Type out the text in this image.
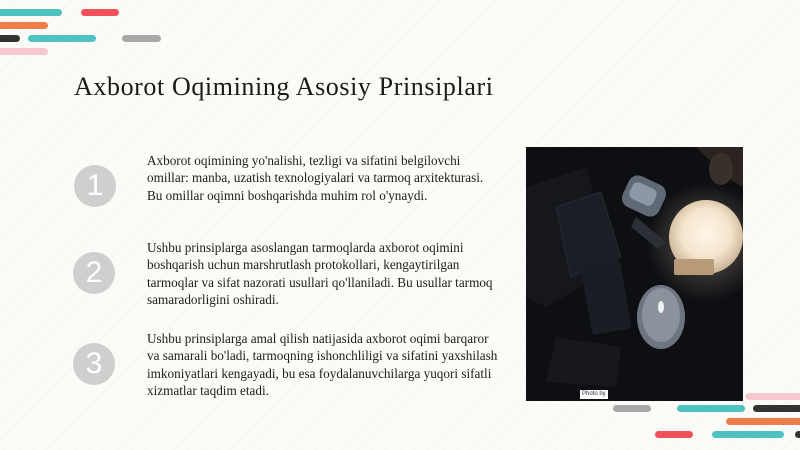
Axborot Oqimining Asosiy Prinsiplari
1

Axborot oqimining yo'nalishi, tezligi va sifatini belgilovchi omillar: manba, uzatish texnologiyalari va tarmoq arxitekturasi. Bu omillar oqimni boshqarishda muhim rol o'ynaydi.

2

Ushbu prinsiplarga asoslangan tarmoqlarda axborot oqimini boshqarish uchun marshrutlash protokollari, kengaytirilgan tarmoqlar va sifat nazorati usullari qo'llaniladi. Bu usullar tarmoq samaradorligini oshiradi.

3

Ushbu prinsiplarga amal qilish natijasida axborot oqimi barqaror va samarali bo'ladi, tarmoqning ishonchliligi va sifatini yaxshilash imkoniyatlari kengayadi, bu esa foydalanuvchilarga yuqori sifatli xizmatlar taqdim etadi.	Photo by
